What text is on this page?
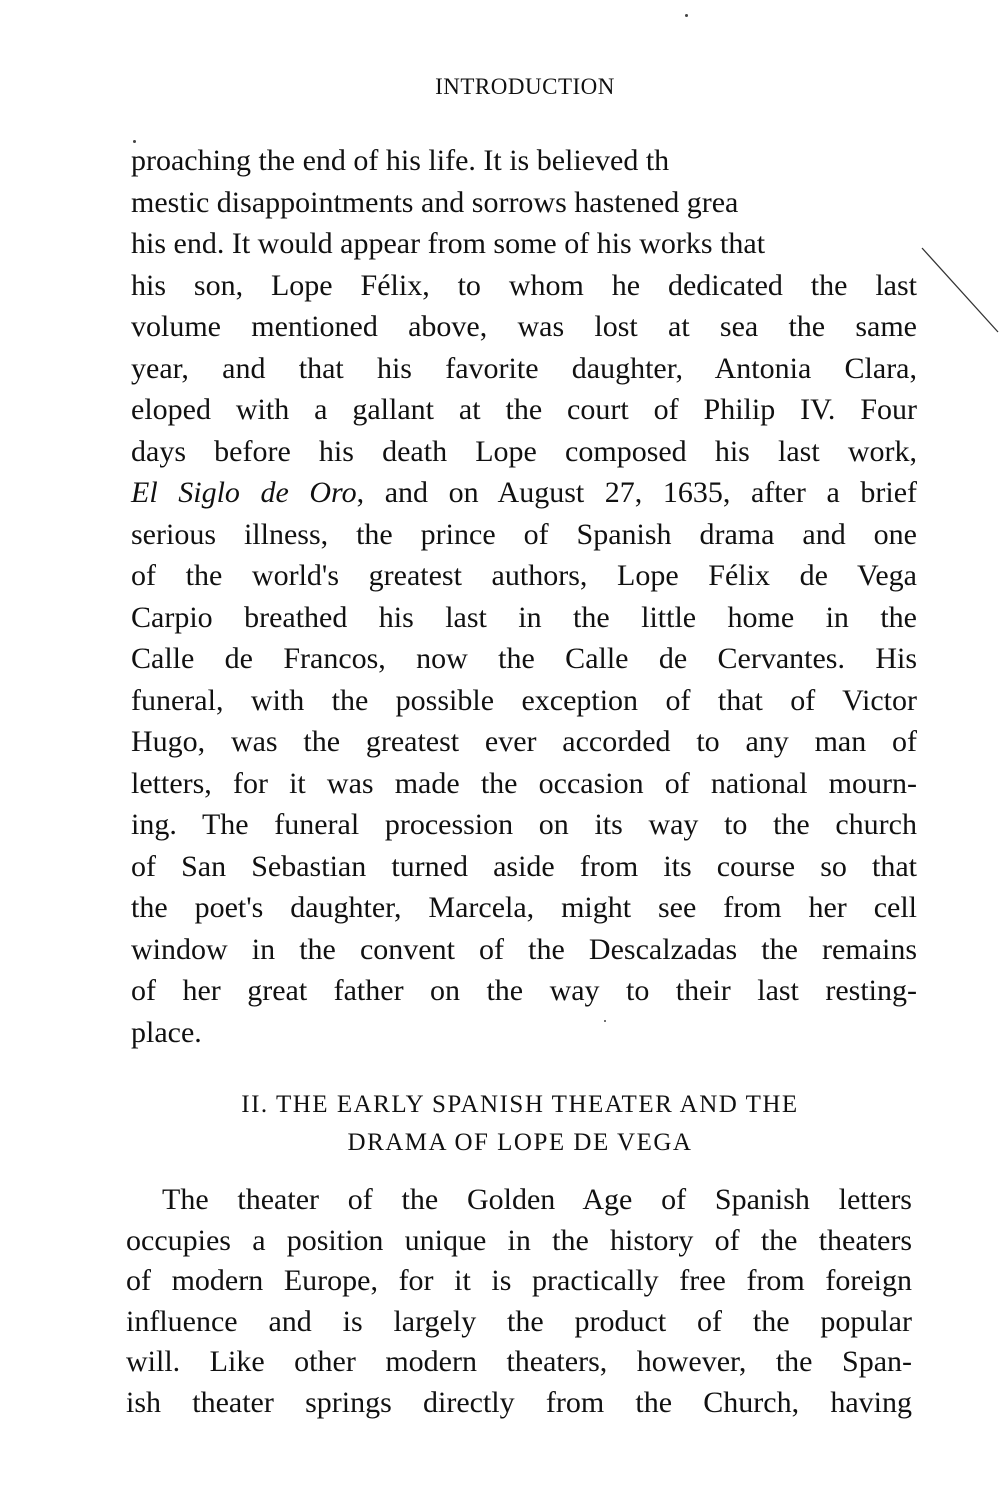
INTRODUCTION
proaching the end of his life. It is believed th
mestic disappointments and sorrows hastened grea
his end. It would appear from some of his works that
his son, Lope Félix, to whom he dedicated the last
volume mentioned above, was lost at sea the same
year, and that his favorite daughter, Antonia Clara,
eloped with a gallant at the court of Philip IV. Four
days before his death Lope composed his last work,
El Siglo de Oro, and on August 27, 1635, after a brief
serious illness, the prince of Spanish drama and one
of the world's greatest authors, Lope Félix de Vega
Carpio breathed his last in the little home in the
Calle de Francos, now the Calle de Cervantes. His
funeral, with the possible exception of that of Victor
Hugo, was the greatest ever accorded to any man of
letters, for it was made the occasion of national mourn-
ing. The funeral procession on its way to the church
of San Sebastian turned aside from its course so that
the poet's daughter, Marcela, might see from her cell
window in the convent of the Descalzadas the remains
of her great father on the way to their last resting-
place.
II. THE EARLY SPANISH THEATER AND THE
DRAMA OF LOPE DE VEGA
The theater of the Golden Age of Spanish letters
occupies a position unique in the history of the theaters
of modern Europe, for it is practically free from foreign
influence and is largely the product of the popular
will. Like other modern theaters, however, the Span-
ish theater springs directly from the Church, having
